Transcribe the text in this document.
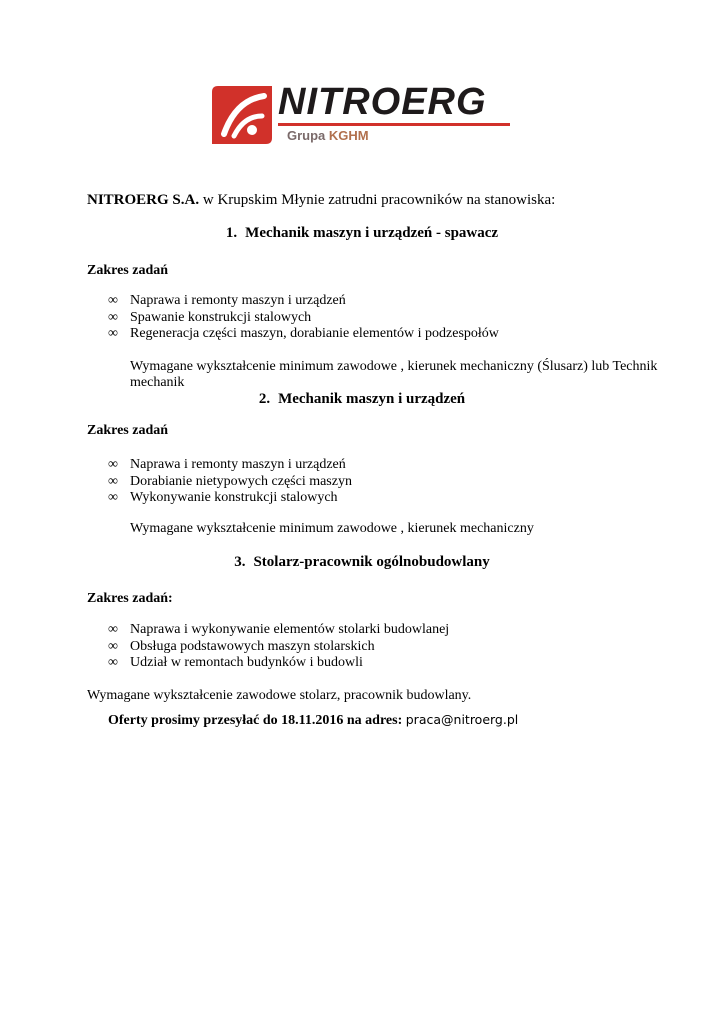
NITROERG
Grupa KGHM
NITROERG S.A. w Krupskim Młynie zatrudni pracowników na stanowiska:
1. Mechanik maszyn i urządzeń - spawacz
Zakres zadań
∞ Naprawa i remonty maszyn i urządzeń
∞ Spawanie konstrukcji stalowych
∞ Regeneracja części maszyn, dorabianie elementów i podzespołów
Wymagane wykształcenie minimum zawodowe , kierunek mechaniczny (Ślusarz) lub Technik
mechanik
2. Mechanik maszyn i urządzeń
Zakres zadań
∞ Naprawa i remonty maszyn i urządzeń
∞ Dorabianie nietypowych części maszyn
∞ Wykonywanie konstrukcji stalowych
Wymagane wykształcenie minimum zawodowe , kierunek mechaniczny
3. Stolarz-pracownik ogólnobudowlany
Zakres zadań:
∞ Naprawa i wykonywanie elementów stolarki budowlanej
∞ Obsługa podstawowych maszyn stolarskich
∞ Udział w remontach budynków i budowli
Wymagane wykształcenie zawodowe stolarz, pracownik budowlany.
Oferty prosimy przesyłać do 18.11.2016 na adres: praca@nitroerg.pl
